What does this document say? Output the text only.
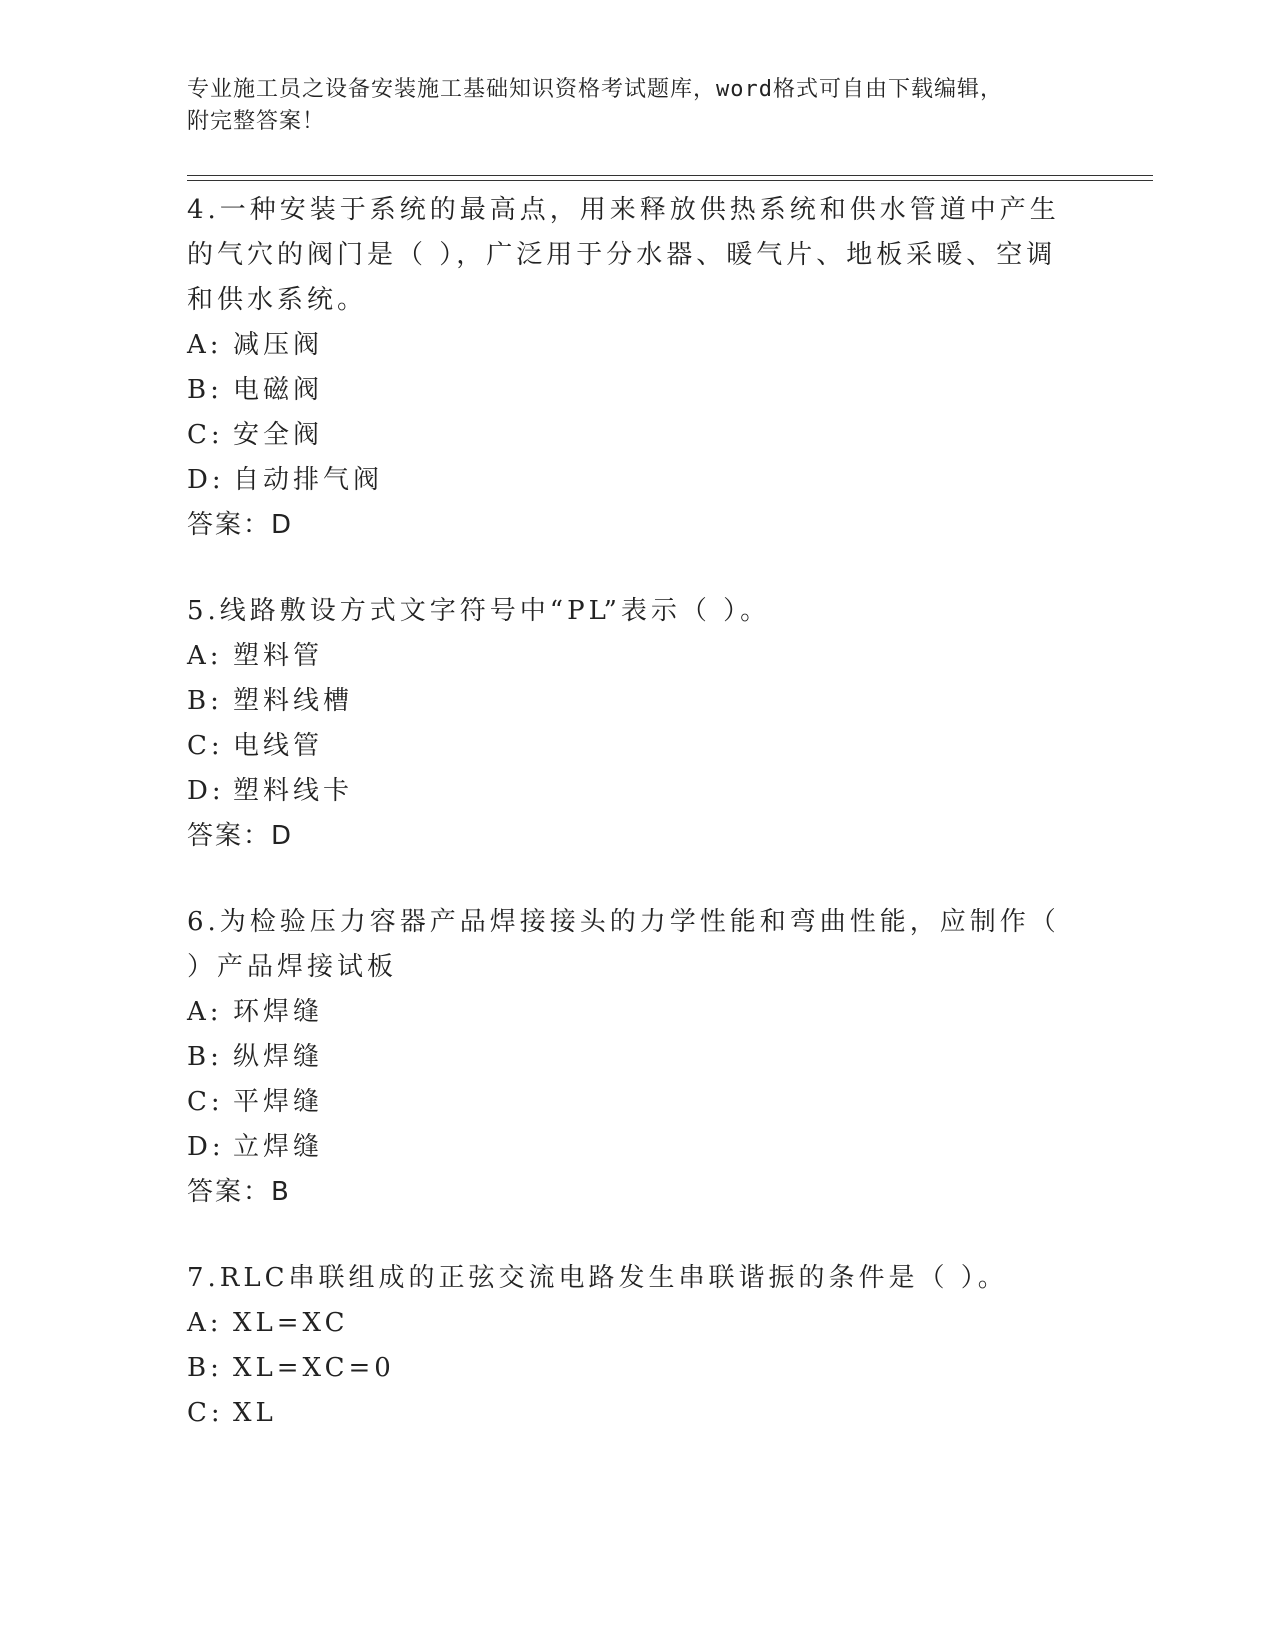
专业施工员之设备安装施工基础知识资格考试题库，word格式可自由下载编辑，
附完整答案！
4.一种安装于系统的最高点，用来释放供热系统和供水管道中产生的气穴的阀门是（ ），广泛用于分水器、暖气片、地板采暖、空调和供水系统。
A: 减压阀
B: 电磁阀
C: 安全阀
D: 自动排气阀
答案：D
5.线路敷设方式文字符号中“PL”表示（ ）。
A: 塑料管
B: 塑料线槽
C: 电线管
D: 塑料线卡
答案：D
6.为检验压力容器产品焊接接头的力学性能和弯曲性能，应制作（ ）产品焊接试板
A: 环焊缝
B: 纵焊缝
C: 平焊缝
D: 立焊缝
答案：B
7.RLC串联组成的正弦交流电路发生串联谐振的条件是（ ）。
A: XL=XC
B: XL=XC=0
C: XL
